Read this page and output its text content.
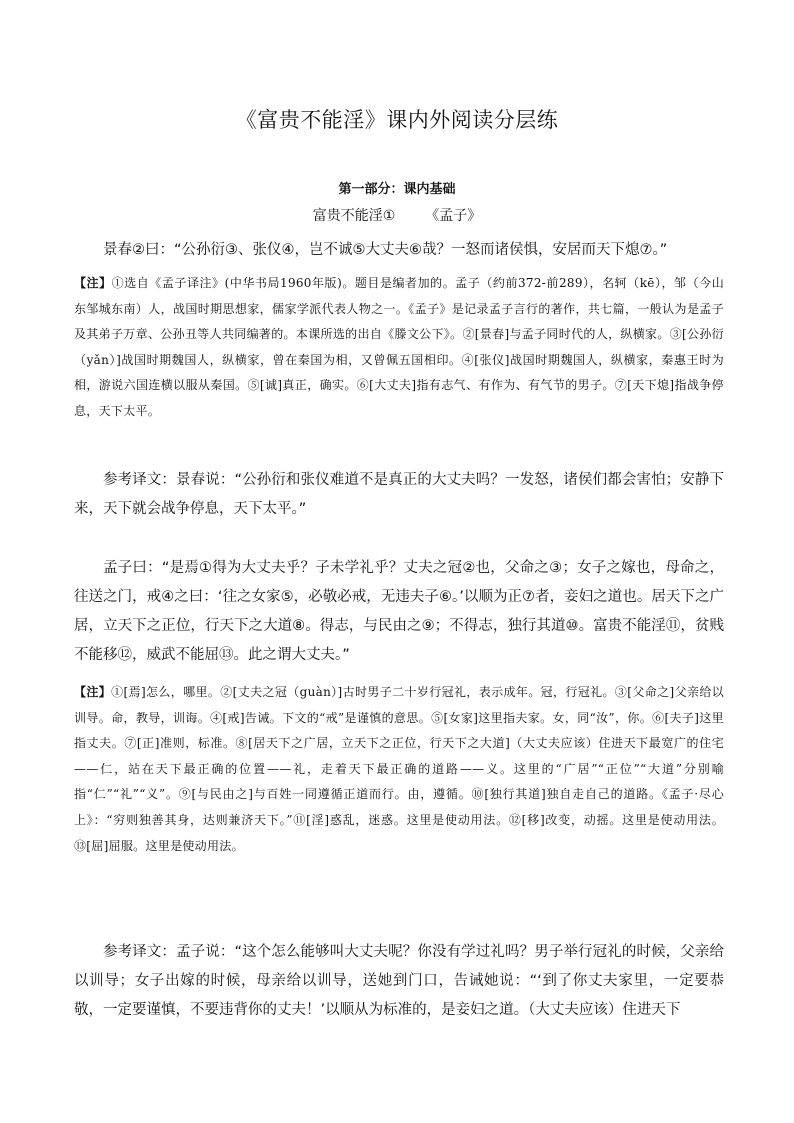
《富贵不能淫》课内外阅读分层练
第一部分：课内基础
富贵不能淫① 《孟子》

景春②曰：“公孙衍③、张仪④，岂不诚⑤大丈夫⑥哉？一怒而诸侯惧，安居而天下熄⑦。”

【注】①选自《孟子译注》(中华书局1960年版)。题目是编者加的。孟子（约前372-前289），名轲（kē），邹（今山东邹城东南）人，战国时期思想家，儒家学派代表人物之一。《孟子》是记录孟子言行的著作，共七篇，一般认为是孟子及其弟子万章、公孙丑等人共同编著的。本课所选的出自《滕文公下》。②[景春]与孟子同时代的人，纵横家。③[公孙衍（yǎn）]战国时期魏国人，纵横家，曾在秦国为相，又曾佩五国相印。④[张仪]战国时期魏国人，纵横家，秦惠王时为相，游说六国连横以服从秦国。⑤[诚]真正，确实。⑥[大丈夫]指有志气、有作为、有气节的男子。⑦[天下熄]指战争停息，天下太平。

参考译文：景春说：“公孙衍和张仪难道不是真正的大丈夫吗？一发怒，诸侯们都会害怕；安静下来，天下就会战争停息，天下太平。”

孟子曰：“是焉①得为大丈夫乎？子未学礼乎？丈夫之冠②也，父命之③；女子之嫁也，母命之，往送之门，戒④之曰：‘往之女家⑤，必敬必戒，无违夫子⑥。’以顺为正⑦者，妾妇之道也。居天下之广居，立天下之正位，行天下之大道⑧。得志，与民由之⑨；不得志，独行其道⑩。富贵不能淫⑪，贫贱不能移⑫，威武不能屈⑬。此之谓大丈夫。”

【注】①[焉]怎么，哪里。②[丈夫之冠（guàn）]古时男子二十岁行冠礼，表示成年。冠，行冠礼。③[父命之]父亲给以训导。命，教导，训诲。④[戒]告诫。下文的“戒”是谨慎的意思。⑤[女家]这里指夫家。女，同“汝”，你。⑥[夫子]这里指丈夫。⑦[正]准则，标准。⑧[居天下之广居，立天下之正位，行天下之大道]（大丈夫应该）住进天下最宽广的住宅——仁，站在天下最正确的位置——礼，走着天下最正确的道路——义。这里的“广居”“正位”“大道”分别喻指“仁”“礼”“义”。⑨[与民由之]与百姓一同遵循正道而行。由，遵循。⑩[独行其道]独自走自己的道路。《孟子·尽心上》：“穷则独善其身，达则兼济天下。”⑪[淫]惑乱，迷惑。这里是使动用法。⑫[移]改变，动摇。这里是使动用法。⑬[屈]屈服。这里是使动用法。

参考译文：孟子说：“这个怎么能够叫大丈夫呢？你没有学过礼吗？男子举行冠礼的时候，父亲给以训导；女子出嫁的时候，母亲给以训导，送她到门口，告诫她说：“‘到了你丈夫家里，一定要恭敬，一定要谨慎，不要违背你的丈夫！’以顺从为标准的，是妾妇之道。（大丈夫应该）住进天下
